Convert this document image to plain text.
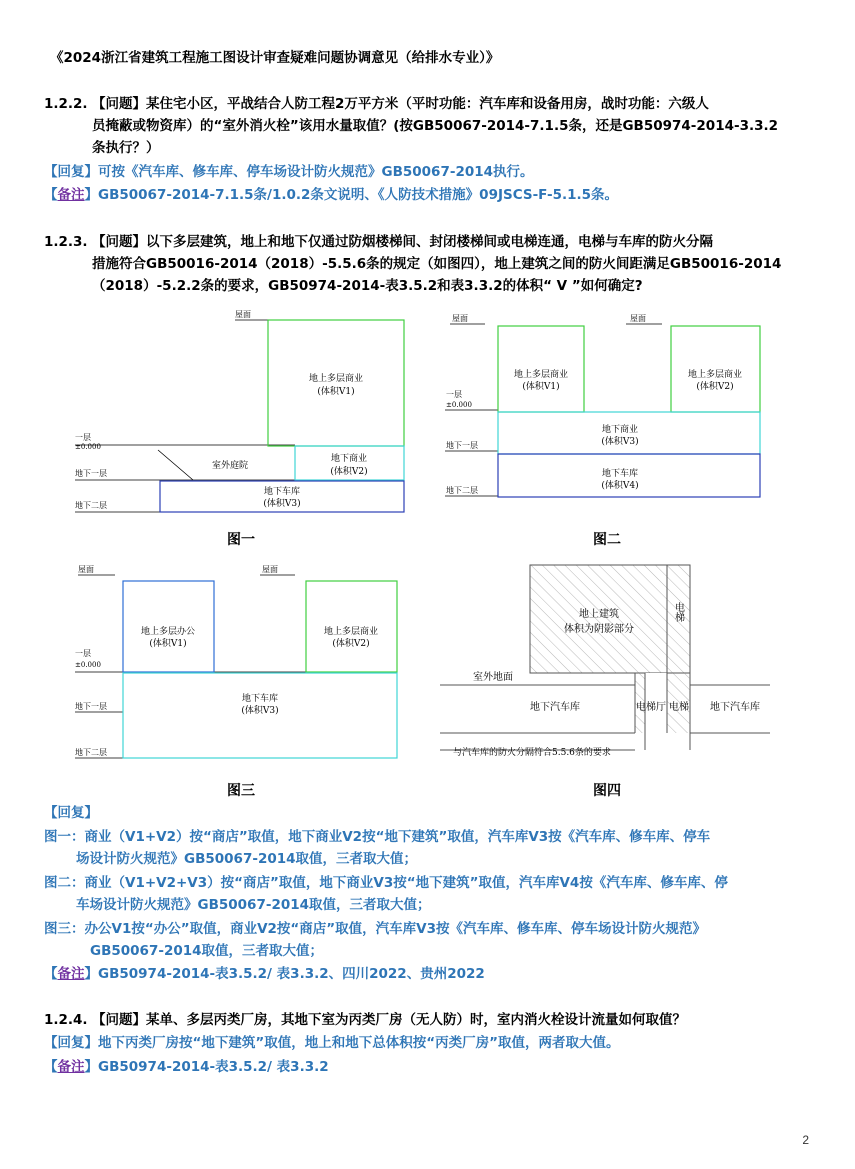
《2024浙江省建筑工程施工图设计审查疑难问题协调意见（给排水专业）》
1.2.2. 【问题】某住宅小区，平战结合人防工程2万平方米（平时功能：汽车库和设备用房，战时功能：六级人
员掩蔽或物资库）的“室外消火栓”该用水量取值？(按GB50067-2014-7.1.5条，还是GB50974-2014-3.3.2
条执行？）
【回复】可按《汽车库、修车库、停车场设计防火规范》GB50067-2014执行。
【备注】GB50067-2014-7.1.5条/1.0.2条文说明、《人防技术措施》09JSCS-F-5.1.5条。
1.2.3. 【问题】以下多层建筑，地上和地下仅通过防烟楼梯间、封闭楼梯间或电梯连通，电梯与车库的防火分隔
措施符合GB50016-2014（2018）-5.5.6条的规定（如图四），地上建筑之间的防火间距满足GB50016-2014
（2018）-5.2.2条的要求，GB50974-2014-表3.5.2和表3.3.2的体积“ V ”如何确定?
屋面
一层
±0.000
地下一层
地下二层
地上多层商业
(体积V1)
室外庭院
地下商业
(体积V2)
地下车库
(体积V3)
图一
屋面	屋面
一层
±0.000
地下一层
地下二层
地上多层商业
(体积V1)
地上多层商业
(体积V2)
地下商业
(体积V3)
地下车库
(体积V4)
图二
屋面	屋面
一层
±0.000
地下一层
地下二层
地上多层办公
(体积V1)
地上多层商业
(体积V2)
地下车库
(体积V3)
图三
地上建筑
体积为阴影部分
电梯
室外地面
地下汽车库	电梯厅 电梯 地下汽车库
与汽车库的防火分隔符合5.5.6条的要求
图四
【回复】
图一：商业（V1+V2）按“商店”取值，地下商业V2按“地下建筑”取值，汽车库V3按《汽车库、修车库、停车
场设计防火规范》GB50067-2014取值，三者取大值；
图二：商业（V1+V2+V3）按“商店”取值，地下商业V3按“地下建筑”取值，汽车库V4按《汽车库、修车库、停
车场设计防火规范》GB50067-2014取值，三者取大值；
图三：办公V1按“办公”取值，商业V2按“商店”取值，汽车库V3按《汽车库、修车库、停车场设计防火规范》
GB50067-2014取值，三者取大值；
【备注】GB50974-2014-表3.5.2/ 表3.3.2、四川2022、贵州2022
1.2.4. 【问题】某单、多层丙类厂房，其地下室为丙类厂房（无人防）时，室内消火栓设计流量如何取值？
【回复】地下丙类厂房按“地下建筑”取值，地上和地下总体积按“丙类厂房”取值，两者取大值。
【备注】GB50974-2014-表3.5.2/ 表3.3.2
2
